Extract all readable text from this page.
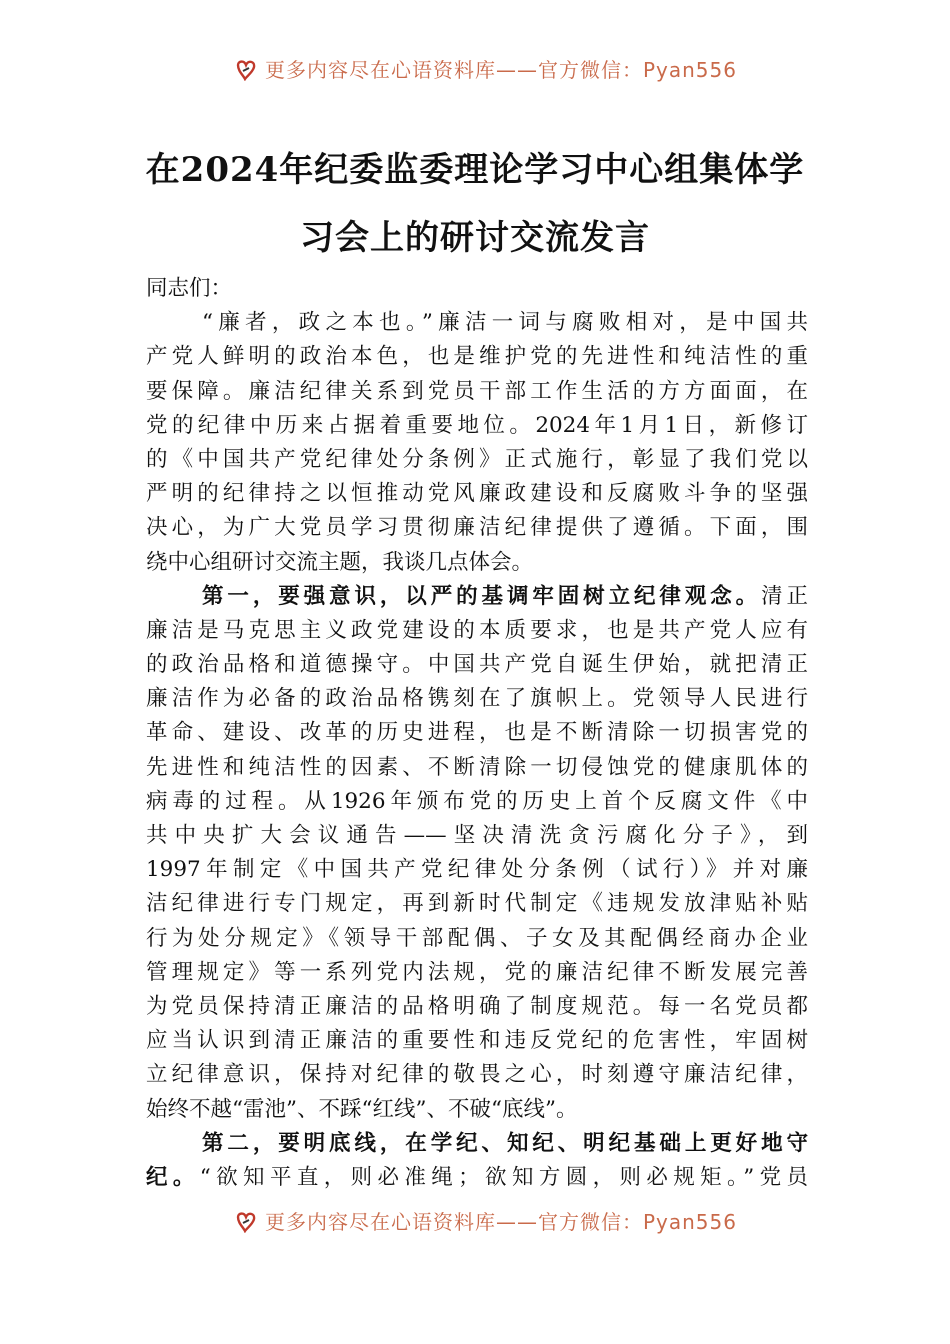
更多内容尽在心语资料库——官方微信：Pyan556
在2024年纪委监委理论学习中心组集体学
习会上的研讨交流发言
同志们：
“廉者，政之本也。”廉洁一词与腐败相对，是中国共
产党人鲜明的政治本色，也是维护党的先进性和纯洁性的重
要保障。廉洁纪律关系到党员干部工作生活的方方面面，在
党的纪律中历来占据着重要地位。2024年1月1日，新修订
的《中国共产党纪律处分条例》正式施行，彰显了我们党以
严明的纪律持之以恒推动党风廉政建设和反腐败斗争的坚强
决心，为广大党员学习贯彻廉洁纪律提供了遵循。下面，围
绕中心组研讨交流主题，我谈几点体会。
第一，要强意识，以严的基调牢固树立纪律观念。清正
廉洁是马克思主义政党建设的本质要求，也是共产党人应有
的政治品格和道德操守。中国共产党自诞生伊始，就把清正
廉洁作为必备的政治品格镌刻在了旗帜上。党领导人民进行
革命、建设、改革的历史进程，也是不断清除一切损害党的
先进性和纯洁性的因素、不断清除一切侵蚀党的健康肌体的
病毒的过程。从1926年颁布党的历史上首个反腐文件《中
共中央扩大会议通告——坚决清洗贪污腐化分子》，到
1997年制定《中国共产党纪律处分条例（试行）》并对廉
洁纪律进行专门规定，再到新时代制定《违规发放津贴补贴
行为处分规定》《领导干部配偶、子女及其配偶经商办企业
管理规定》等一系列党内法规，党的廉洁纪律不断发展完善
为党员保持清正廉洁的品格明确了制度规范。每一名党员都
应当认识到清正廉洁的重要性和违反党纪的危害性，牢固树
立纪律意识，保持对纪律的敬畏之心，时刻遵守廉洁纪律，
始终不越“雷池”、不踩“红线”、不破“底线”。
第二，要明底线，在学纪、知纪、明纪基础上更好地守
纪。“欲知平直，则必准绳；欲知方圆，则必规矩。”党员
更多内容尽在心语资料库——官方微信：Pyan556
